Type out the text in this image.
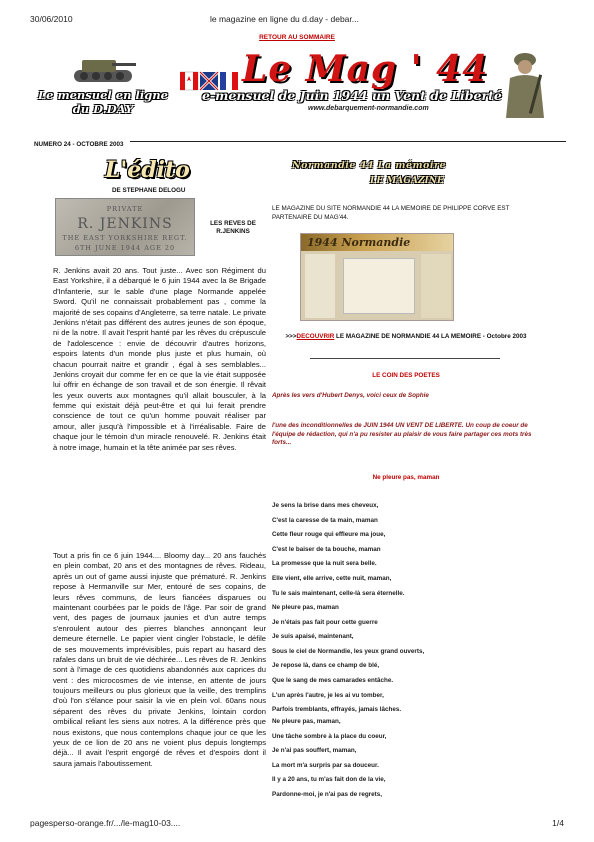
30/06/2010	le magazine en ligne du d.day - debar...
RETOUR AU SOMMAIRE
Le mensuel en ligne
du D.DAY
Le Mag ' 44
e-mensuel de Juin 1944 un Vent de Liberté
www.debarquement-normandie.com
NUMERO 24 - OCTOBRE 2003
L'édito
DE STEPHANE DELOGU
PRIVATE
R. JENKINS
THE EAST YORKSHIRE REGT.
6TH JUNE 1944 AGE 20
LES REVES DE R.JENKINS

R. Jenkins avait 20 ans. Tout juste... Avec son Régiment du East Yorkshire, il a débarqué le 6 juin 1944 avec la 8e Brigade d'Infanterie, sur le sable d'une plage Normande appelée Sword. Qu'il ne connaissait probablement pas , comme la majorité de ses copains d'Angleterre, sa terre natale. Le private Jenkins n'était pas différent des autres jeunes de son époque, ni de la notre. Il avait l'esprit hanté par les rêves du crépuscule de l'adolescence : envie de découvrir d'autres horizons, espoirs latents d'un monde plus juste et plus humain, où chacun pourrait naitre et grandir , égal à ses semblables... Jenkins croyait dur comme fer en ce que la vie était supposée lui offrir en échange de son travail et de son énergie. Il rêvait les yeux ouverts aux montagnes qu'il allait bousculer, à la femme qui existait déjà peut-être et qui lui ferait prendre conscience de tout ce qu'un homme pouvait réaliser par amour, aller jusqu'à l'impossible et à l'irréalisable. Faire de chaque jour le témoin d'un miracle renouvelé. R. Jenkins était à notre image, humain et la tête animée par ses rêves.

Tout a pris fin ce 6 juin 1944.... Bloomy day... 20 ans fauchés en plein combat, 20 ans et des montagnes de rêves. Rideau, après un out of game aussi injuste que prématuré. R. Jenkins repose à Hermanville sur Mer, entouré de ses copains, de leurs rêves communs, de leurs fiancées disparues ou maintenant courbées par le poids de l'âge. Par soir de grand vent, des pages de journaux jaunies et d'un autre temps s'enroulent autour des pierres blanches annonçant leur demeure éternelle. Le papier vient cingler l'obstacle, le défile de ses mouvements imprévisibles, puis repart au hasard des rafales dans un bruit de vie déchirée... Les rêves de R. Jenkins sont à l'image de ces quotidiens abandonnés aux caprices du vent : des microcosmes de vie intense, en attente de jours toujours meilleurs ou plus glorieux que la veille, des tremplins d'où l'on s'élance pour saisir la vie en plein vol. 60ans nous séparent des rêves du private Jenkins, lointain cordon ombilical reliant les siens aux notres. A la différence près que nous existons, que nous contemplons chaque jour ce que les yeux de ce lion de 20 ans ne voient plus depuis longtemps déjà... Il avait l'esprit engorgé de rêves et d'espoirs dont il saura jamais l'aboutissement.

Normandie 44 La mémoire
LE MAGAZINE
LE MAGAZINE DU SITE NORMANDIE 44 LA MEMOIRE DE PHILIPPE CORVE EST PARTENAIRE DU MAG'44.
1944 Normandie
>>>DECOUVRIR LE MAGAZINE DE NORMANDIE 44 LA MEMOIRE - Octobre 2003
LE COIN DES POETES
Après les vers d'Hubert Denys, voici ceux de Sophie
l'une des inconditionnelles de JUIN 1944 UN VENT DE LIBERTE. Un coup de coeur de l'équipe de rédaction, qui n'a pu resister au plaisir de vous faire partager ces mots très forts...
Ne pleure pas, maman
Je sens la brise dans mes cheveux,
C'est la caresse de ta main, maman
Cette fleur rouge qui effleure ma joue,
C'est le baiser de ta bouche, maman
La promesse que la nuit sera belle.
Elle vient, elle arrive, cette nuit, maman,
Tu le sais maintenant, celle-là sera éternelle.
Ne pleure pas, maman
Je n'étais pas fait pour cette guerre
Je suis apaisé, maintenant,
Sous le ciel de Normandie, les yeux grand ouverts,
Je repose là, dans ce champ de blé,
Que le sang de mes camarades entâche.
L'un après l'autre, je les ai vu tomber,
Parfois tremblants, effrayés, jamais lâches.
Ne pleure pas, maman,
Une tâche sombre à la place du coeur,
Je n'ai pas souffert, maman,
La mort m'a surpris par sa douceur.
Il y a 20 ans, tu m'as fait don de la vie,
Pardonne-moi, je n'ai pas de regrets,
pagesperso-orange.fr/.../le-mag10-03....	1/4
